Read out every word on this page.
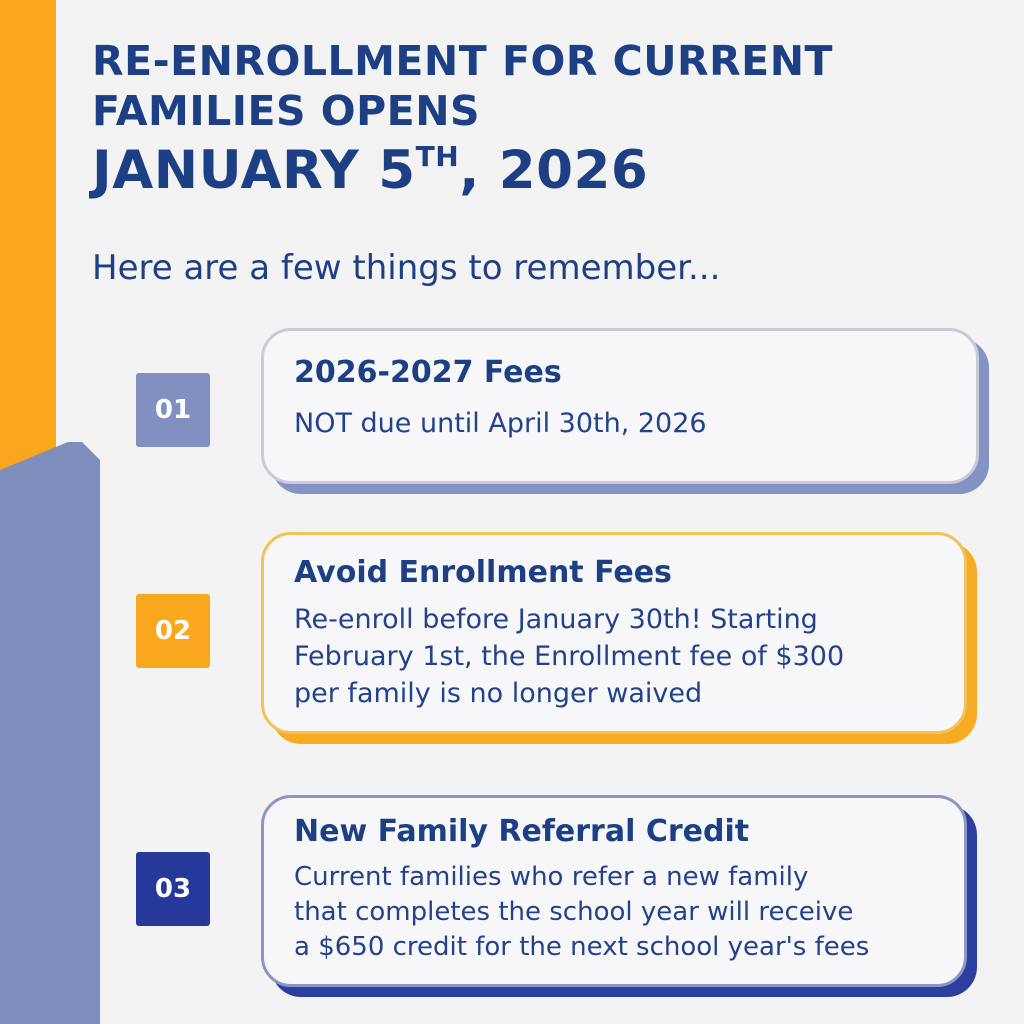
RE-ENROLLMENT FOR CURRENT FAMILIES OPENS
JANUARY 5TH, 2026
Here are a few things to remember...
01
2026-2027 Fees
NOT due until April 30th, 2026
02
Avoid Enrollment Fees
Re-enroll before January 30th! Starting
February 1st, the Enrollment fee of $300
per family is no longer waived
03
New Family Referral Credit
Current families who refer a new family
that completes the school year will receive
a $650 credit for the next school year's fees
